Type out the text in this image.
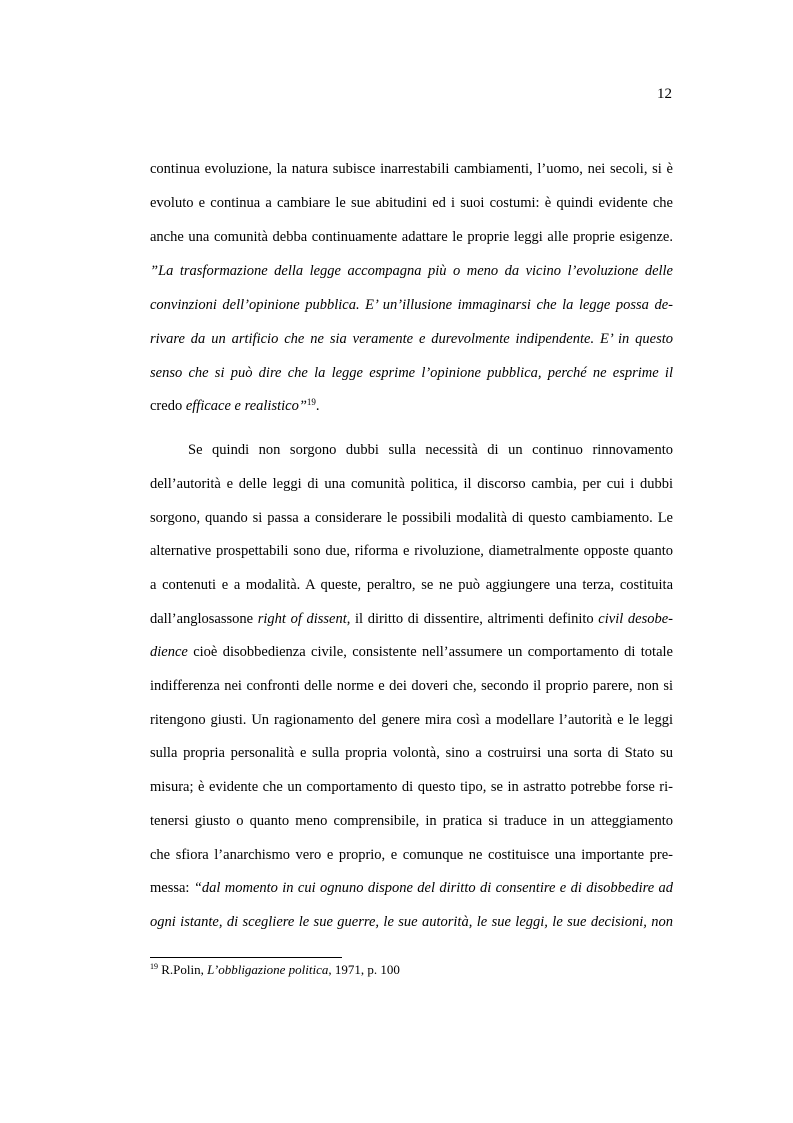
12
continua evoluzione, la natura subisce inarrestabili cambiamenti, l’uomo, nei secoli, si è
evoluto e continua a cambiare le sue abitudini ed i suoi costumi: è quindi evidente che
anche una comunità debba continuamente adattare le proprie leggi alle proprie esigenze.
”La trasformazione della legge accompagna più o meno da vicino l’evoluzione delle
convinzioni dell’opinione pubblica. E’ un’illusione immaginarsi che la legge possa de-
rivare da un artificio che ne sia veramente e durevolmente indipendente. E’ in questo
senso che si può dire che la legge esprime l’opinione pubblica, perché ne esprime il
credo efficace e realistico”$^{19}$.
Se quindi non sorgono dubbi sulla necessità di un continuo rinnovamento
dell’autorità e delle leggi di una comunità politica, il discorso cambia, per cui i dubbi
sorgono, quando si passa a considerare le possibili modalità di questo cambiamento. Le
alternative prospettabili sono due, riforma e rivoluzione, diametralmente opposte quanto
a contenuti e a modalità. A queste, peraltro, se ne può aggiungere una terza, costituita
dall’anglosassone right of dissent, il diritto di dissentire, altrimenti definito civil desobe-
dience cioè disobbedienza civile, consistente nell’assumere un comportamento di totale
indifferenza nei confronti delle norme e dei doveri che, secondo il proprio parere, non si
ritengono giusti. Un ragionamento del genere mira così a modellare l’autorità e le leggi
sulla propria personalità e sulla propria volontà, sino a costruirsi una sorta di Stato su
misura; è evidente che un comportamento di questo tipo, se in astratto potrebbe forse ri-
tenersi giusto o quanto meno comprensibile, in pratica si traduce in un atteggiamento
che sfiora l’anarchismo vero e proprio, e comunque ne costituisce una importante pre-
messa: “dal momento in cui ognuno dispone del diritto di consentire e di disobbedire ad
ogni istante, di scegliere le sue guerre, le sue autorità, le sue leggi, le sue decisioni, non
$^{19}$ R.Polin, L’obbligazione politica, 1971, p. 100
